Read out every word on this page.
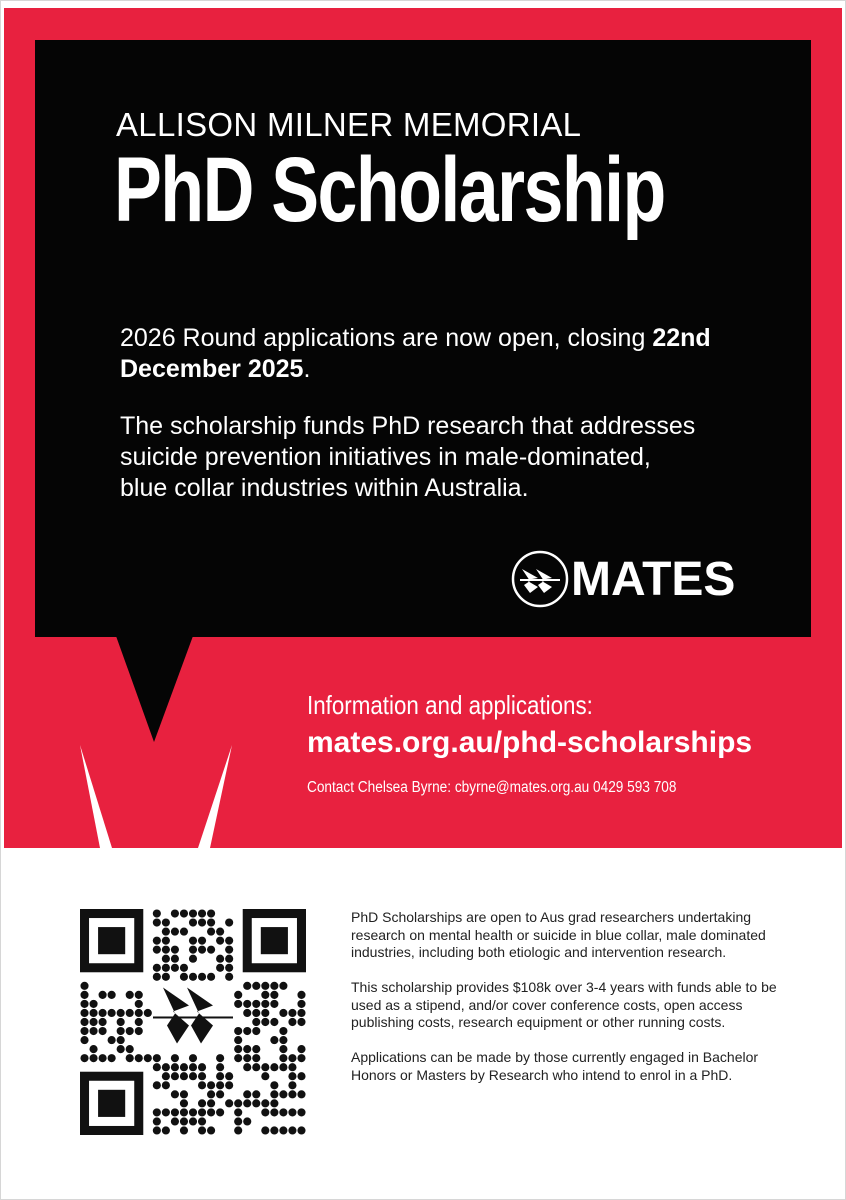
ALLISON MILNER MEMORIAL
PhD Scholarship
2026 Round applications are now open, closing 22nd December 2025.
The scholarship funds PhD research that addresses suicide prevention initiatives in male-dominated, blue collar industries within Australia.
MATES
Information and applications:
mates.org.au/phd-scholarships
Contact Chelsea Byrne: cbyrne@mates.org.au 0429 593 708

PhD Scholarships are open to Aus grad researchers undertaking research on mental health or suicide in blue collar, male dominated industries, including both etiologic and intervention research.

This scholarship provides $108k over 3-4 years with funds able to be used as a stipend, and/or cover conference costs, open access publishing costs, research equipment or other running costs.

Applications can be made by those currently engaged in Bachelor Honors or Masters by Research who intend to enrol in a PhD.
